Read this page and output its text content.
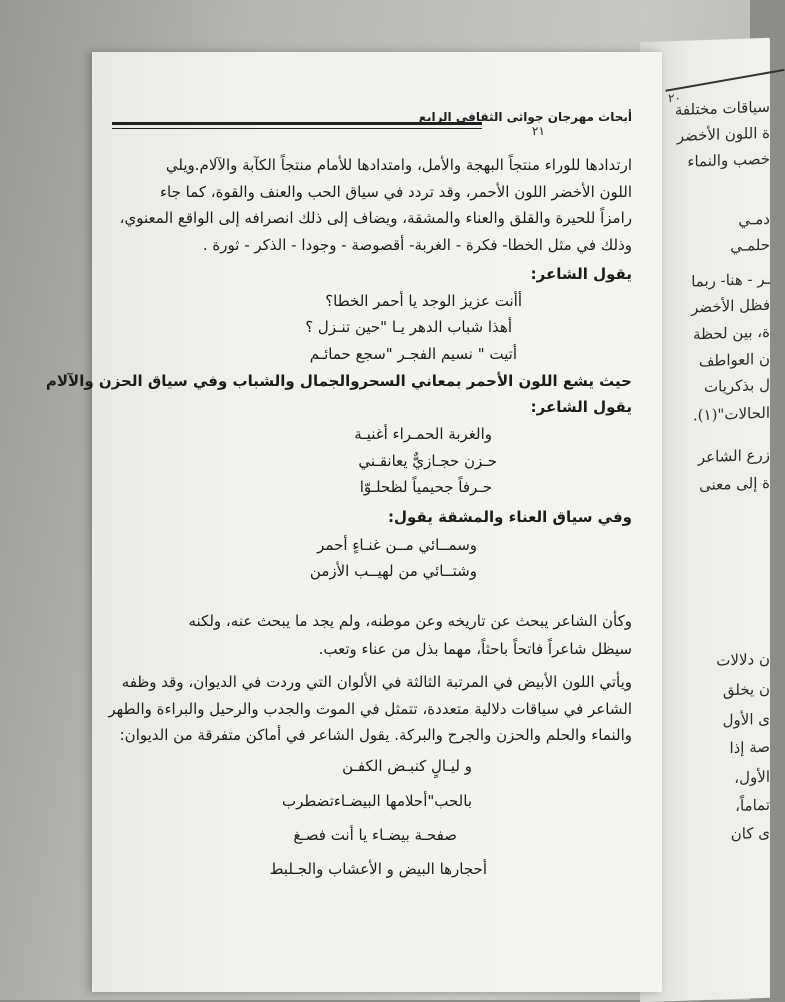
٢٠
سياقات مختلفة
ة اللون الأخضر
خصب والنماء
دمـي
حلمـي
ـر - هنا- ربما
فظل الأخضر
ة، بين لحظة
ن العواطف
ل بذكريات
الحالات"(١).
زرع الشاعر
ة إلى معنى
ن دلالات
ن يخلق
ى الأول
صة إذا
الأول،
تماماً،
ى كان
أبحاث مهرجان جواثى الثقافي الرابع
٢١
ارتدادها للوراء منتجاً البهجة والأمل، وامتدادها للأمام منتجاً الكآبة والآلام.ويلي
اللون الأخضر اللون الأحمر، وقد تردد في سياق الحب والعنف والقوة، كما جاء
رامزاً للحيرة والقلق والعناء والمشقة، ويضاف إلى ذلك انصرافه إلى الواقع المعنوي،
وذلك في مثل الخطا- فكرة - الغربة- أقصوصة - وجودا - الذكر - ثورة .
يقول الشاعر:
أأنت عزيز الوجد يا أحمر الخطا؟
أهذا شباب الدهر يـا "حين تنـزل ؟
أتيت " نسيم الفجـر "سجع حمائـم
حيث يشع اللون الأحمر بمعاني السحروالجمال والشباب وفي سياق الحزن والآلام
يقول الشاعر:
والغربة الحمـراء أغنيـة
حـزن حجـازيٌّ يعانقـني
حـرفاً جحيمياً لظحلـوّا
وفي سياق العناء والمشقة يقول:
وسمــائي مــن غنـاءٍ أحمر
وشتــائي من لهيــب الأزمن
وكأن الشاعر يبحث عن تاريخه وعن موطنه، ولم يجد ما يبحث عنه، ولكنه
سيظل شاعراً فاتحاً باحثاً، مهما بذل من عناء وتعب.
ويأتي اللون الأبيض في المرتبة الثالثة في الألوان التي وردت في الديوان، وقد وظفه
الشاعر في سياقات دلالية متعددة، تتمثل في الموت والجدب والرحيل والبراءة والطهر
والنماء والحلم والحزن والجرح والبركة. يقول الشاعر في أماكن متفرقة من الديوان:
و ليـالٍ كنبـض الكفـن
بالحب"أحلامها البيضـاءتضطرب
صفحـة بيضـاء يا أنت فصـغ
أحجارها البيض و الأعشاب والجـلبط
